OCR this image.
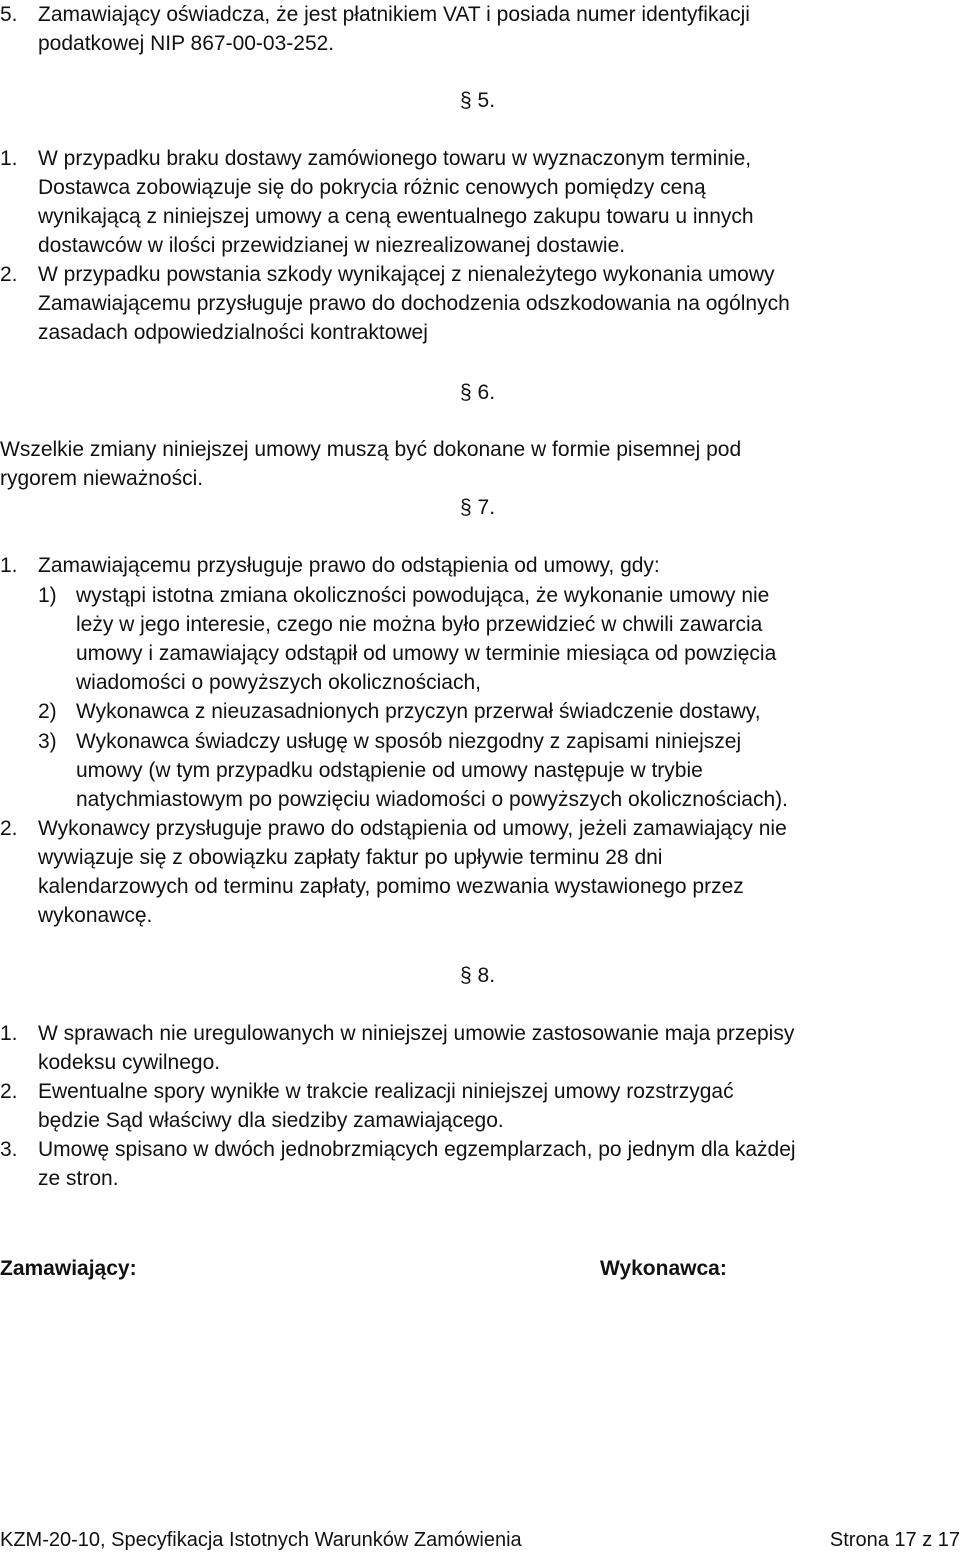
5. Zamawiający oświadcza, że jest płatnikiem VAT i posiada numer identyfikacji
podatkowej NIP 867-00-03-252.
§ 5.
1. W przypadku braku dostawy zamówionego towaru w wyznaczonym terminie,
Dostawca zobowiązuje się do pokrycia różnic cenowych pomiędzy ceną
wynikającą z niniejszej umowy a ceną ewentualnego zakupu towaru u innych
dostawców w ilości przewidzianej w niezrealizowanej dostawie.
2. W przypadku powstania szkody wynikającej z nienależytego wykonania umowy
Zamawiającemu przysługuje prawo do dochodzenia odszkodowania na ogólnych
zasadach odpowiedzialności kontraktowej
§ 6.
Wszelkie zmiany niniejszej umowy muszą być dokonane w formie pisemnej pod
rygorem nieważności.
§ 7.
1. Zamawiającemu przysługuje prawo do odstąpienia od umowy, gdy:
1) wystąpi istotna zmiana okoliczności powodująca, że wykonanie umowy nie
leży w jego interesie, czego nie można było przewidzieć w chwili zawarcia
umowy i zamawiający odstąpił od umowy w terminie miesiąca od powzięcia
wiadomości o powyższych okolicznościach,
2) Wykonawca z nieuzasadnionych przyczyn przerwał świadczenie dostawy,
3) Wykonawca świadczy usługę w sposób niezgodny z zapisami niniejszej
umowy (w tym przypadku odstąpienie od umowy następuje w trybie
natychmiastowym po powzięciu wiadomości o powyższych okolicznościach).
2. Wykonawcy przysługuje prawo do odstąpienia od umowy, jeżeli zamawiający nie
wywiązuje się z obowiązku zapłaty faktur po upływie terminu 28 dni
kalendarzowych od terminu zapłaty, pomimo wezwania wystawionego przez
wykonawcę.
§ 8.
1. W sprawach nie uregulowanych w niniejszej umowie zastosowanie maja przepisy
kodeksu cywilnego.
2. Ewentualne spory wynikłe w trakcie realizacji niniejszej umowy rozstrzygać
będzie Sąd właściwy dla siedziby zamawiającego.
3. Umowę spisano w dwóch jednobrzmiących egzemplarzach, po jednym dla każdej
ze stron.
Zamawiający:	Wykonawca:
KZM-20-10, Specyfikacja Istotnych Warunków Zamówienia	Strona 17 z 17
